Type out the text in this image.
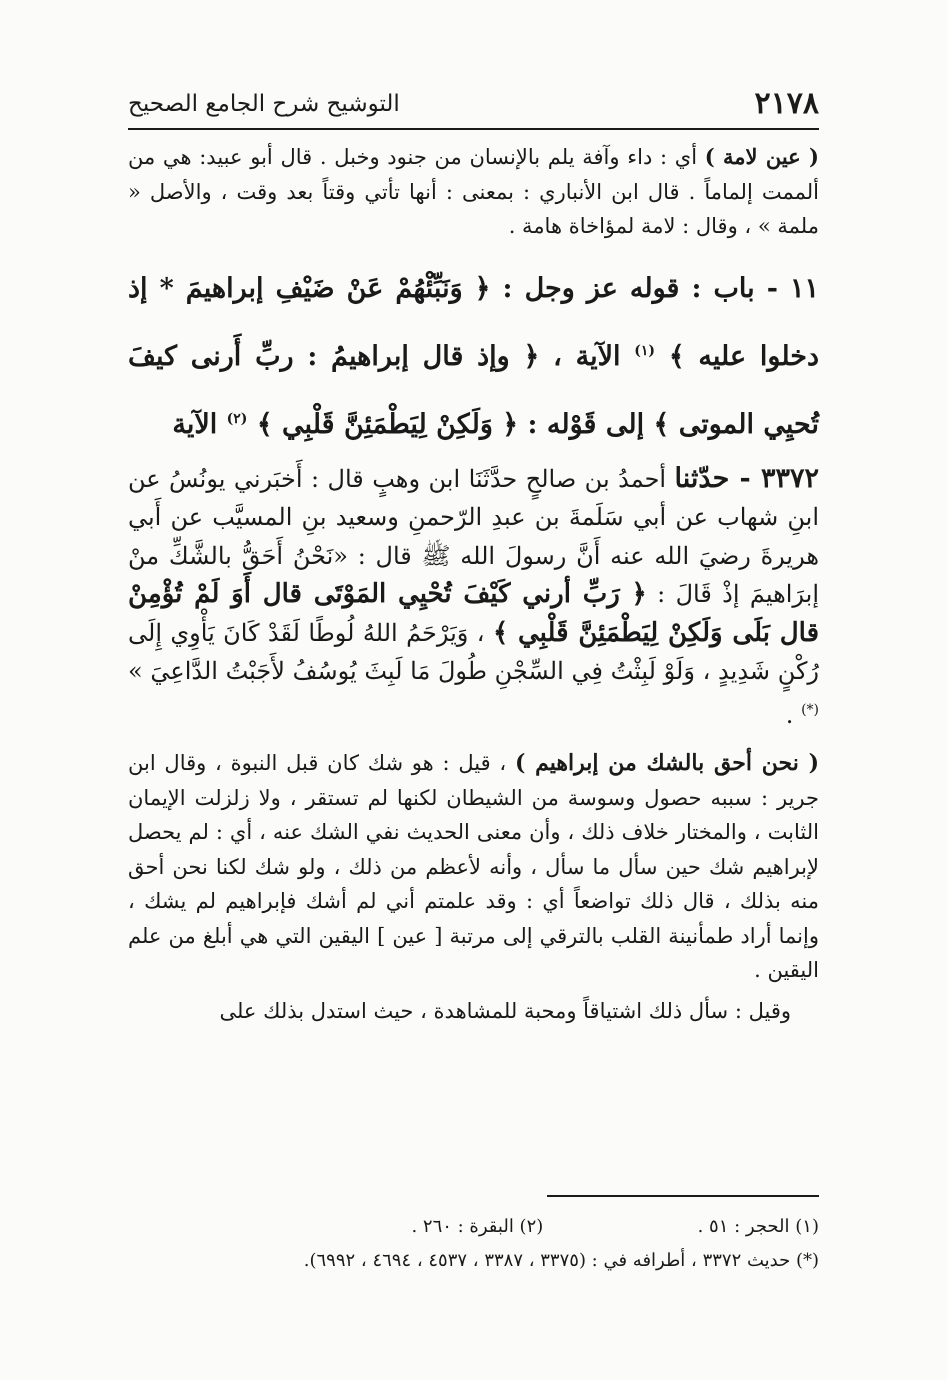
٢١٧٨
التوشيح شرح الجامع الصحيح

( عين لامة ) أي : داء وآفة يلم بالإنسان من جنود وخبل . قال أبو عبيد: هي من ألممت إلماماً . قال ابن الأنباري : بمعنى : أنها تأتي وقتاً بعد وقت ، والأصل « ملمة » ، وقال : لامة لمؤاخاة هامة .

١١ - باب : قوله عز وجل : ﴿ وَنَبِّئْهُمْ عَنْ ضَيْفِ إبراهيمَ * إذ دخلوا عليه ﴾ $^{(١)}$ الآية ، ﴿ وإذ قال إبراهيمُ : ربِّ أَرنى كيفَ تُحيِي الموتى ﴾ إلى قَوْله : ﴿ وَلَكِنْ لِيَطْمَئِنَّ قَلْبِي ﴾ $^{(٢)}$ الآية

٣٣٧٢ - حدّثنا أحمدُ بن صالحٍ حدَّثَنَا ابن وهبٍ قال : أَخبَرني يونُسُ عن ابنِ شهاب عن أبي سَلَمةَ بن عبدِ الرّحمنِ وسعيد بنِ المسيَّب عن أَبي هريرةَ رضيَ الله عنه أَنَّ رسولَ الله ﷺ قال : «نَحْنُ أَحَقُّ بالشَّكِّ منْ إبرَاهيمَ إذْ قَالَ : ﴿ رَبِّ أرني كَيْفَ تُحْيِي المَوْتَى قال أَوَ لَمْ تُؤْمِنْ قال بَلَى وَلَكِنْ لِيَطْمَئِنَّ قَلْبِي ﴾ ، وَيَرْحَمُ اللهُ لُوطًا لَقَدْ كَانَ يَأْوِي إِلَى رُكْنٍ شَدِيدٍ ، وَلَوْ لَبِثْتُ فِي السِّجْنِ طُولَ مَا لَبِثَ يُوسُفُ لأَجَبْتُ الدَّاعِيَ » (*) .

( نحن أحق بالشك من إبراهيم ) ، قيل : هو شك كان قبل النبوة ، وقال ابن جرير : سببه حصول وسوسة من الشيطان لكنها لم تستقر ، ولا زلزلت الإيمان الثابت ، والمختار خلاف ذلك ، وأن معنى الحديث نفي الشك عنه ، أي : لم يحصل لإبراهيم شك حين سأل ما سأل ، وأنه لأعظم من ذلك ، ولو شك لكنا نحن أحق منه بذلك ، قال ذلك تواضعاً أي : وقد علمتم أني لم أشك فإبراهيم لم يشك ، وإنما أراد طمأنينة القلب بالترقي إلى مرتبة [ عين ] اليقين التي هي أبلغ من علم اليقين .

وقيل : سأل ذلك اشتياقاً ومحبة للمشاهدة ، حيث استدل بذلك على

(١) الحجر : ٥١ . (٢) البقرة : ٢٦٠ .
(*) حديث ٣٣٧٢ ، أطرافه في : (٣٣٧٥ ، ٣٣٨٧ ، ٤٥٣٧ ، ٤٦٩٤ ، ٦٩٩٢).
